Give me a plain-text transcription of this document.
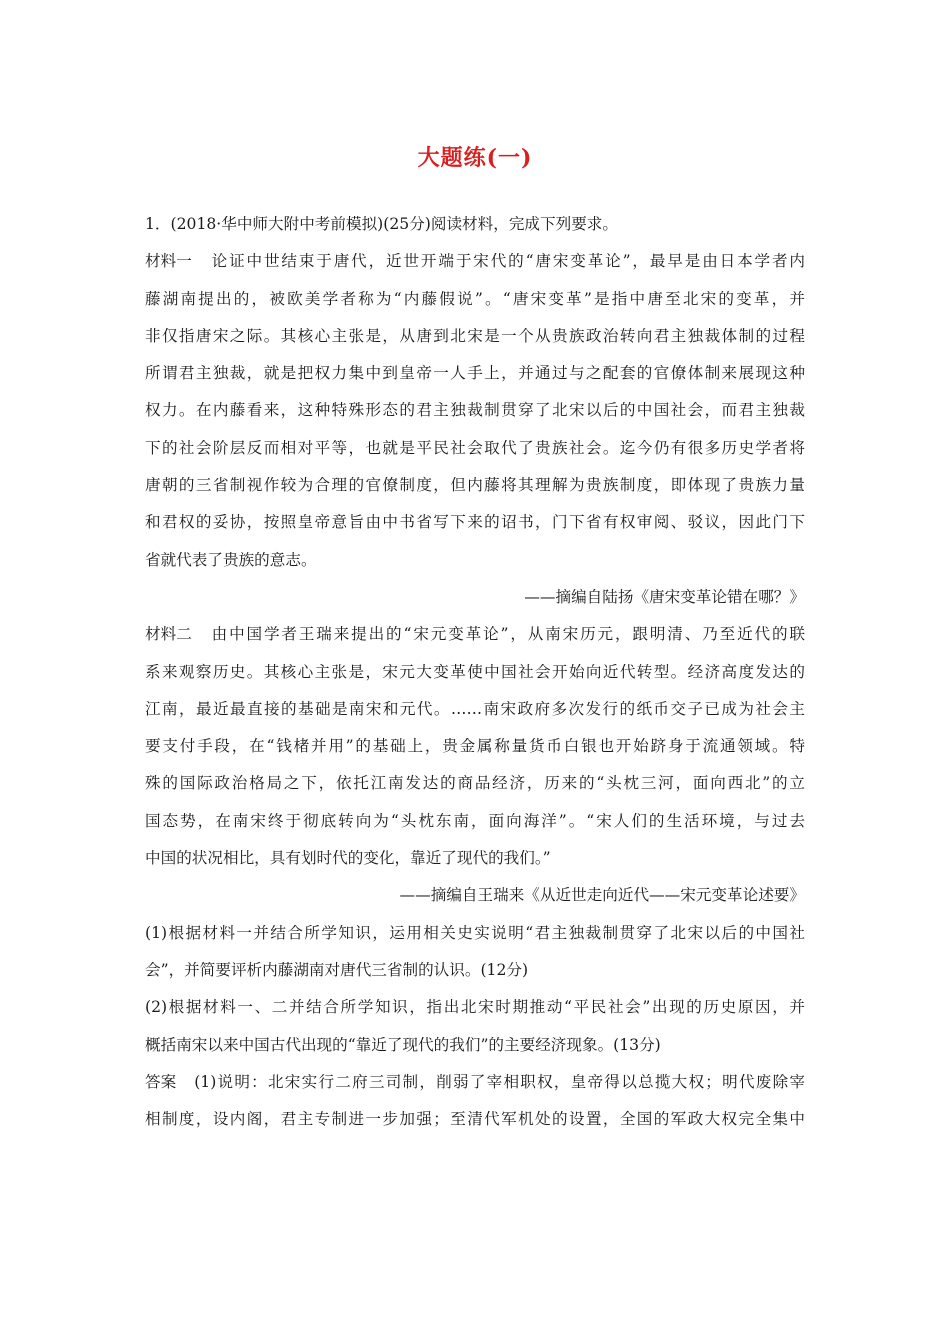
大题练(一)
1．(2018·华中师大附中考前模拟)(25分)阅读材料，完成下列要求。
材料一 论证中世结束于唐代，近世开端于宋代的“唐宋变革论”，最早是由日本学者内
藤湖南提出的，被欧美学者称为“内藤假说”。“唐宋变革”是指中唐至北宋的变革，并
非仅指唐宋之际。其核心主张是，从唐到北宋是一个从贵族政治转向君主独裁体制的过程
所谓君主独裁，就是把权力集中到皇帝一人手上，并通过与之配套的官僚体制来展现这种
权力。在内藤看来，这种特殊形态的君主独裁制贯穿了北宋以后的中国社会，而君主独裁
下的社会阶层反而相对平等，也就是平民社会取代了贵族社会。迄今仍有很多历史学者将
唐朝的三省制视作较为合理的官僚制度，但内藤将其理解为贵族制度，即体现了贵族力量
和君权的妥协，按照皇帝意旨由中书省写下来的诏书，门下省有权审阅、驳议，因此门下
省就代表了贵族的意志。
——摘编自陆扬《唐宋变革论错在哪？》
材料二 由中国学者王瑞来提出的“宋元变革论”，从南宋历元，跟明清、乃至近代的联
系来观察历史。其核心主张是，宋元大变革使中国社会开始向近代转型。经济高度发达的
江南，最近最直接的基础是南宋和元代。……南宋政府多次发行的纸币交子已成为社会主
要支付手段，在“钱楮并用”的基础上，贵金属称量货币白银也开始跻身于流通领域。特
殊的国际政治格局之下，依托江南发达的商品经济，历来的“头枕三河，面向西北”的立
国态势，在南宋终于彻底转向为“头枕东南，面向海洋”。“宋人们的生活环境，与过去
中国的状况相比，具有划时代的变化，靠近了现代的我们。”
——摘编自王瑞来《从近世走向近代——宋元变革论述要》
(1)根据材料一并结合所学知识，运用相关史实说明“君主独裁制贯穿了北宋以后的中国社
会”，并简要评析内藤湖南对唐代三省制的认识。(12分)
(2)根据材料一、二并结合所学知识，指出北宋时期推动“平民社会”出现的历史原因，并
概括南宋以来中国古代出现的“靠近了现代的我们”的主要经济现象。(13分)
答案 (1)说明：北宋实行二府三司制，削弱了宰相职权，皇帝得以总揽大权；明代废除宰
相制度，设内阁，君主专制进一步加强；至清代军机处的设置，全国的军政大权完全集中
